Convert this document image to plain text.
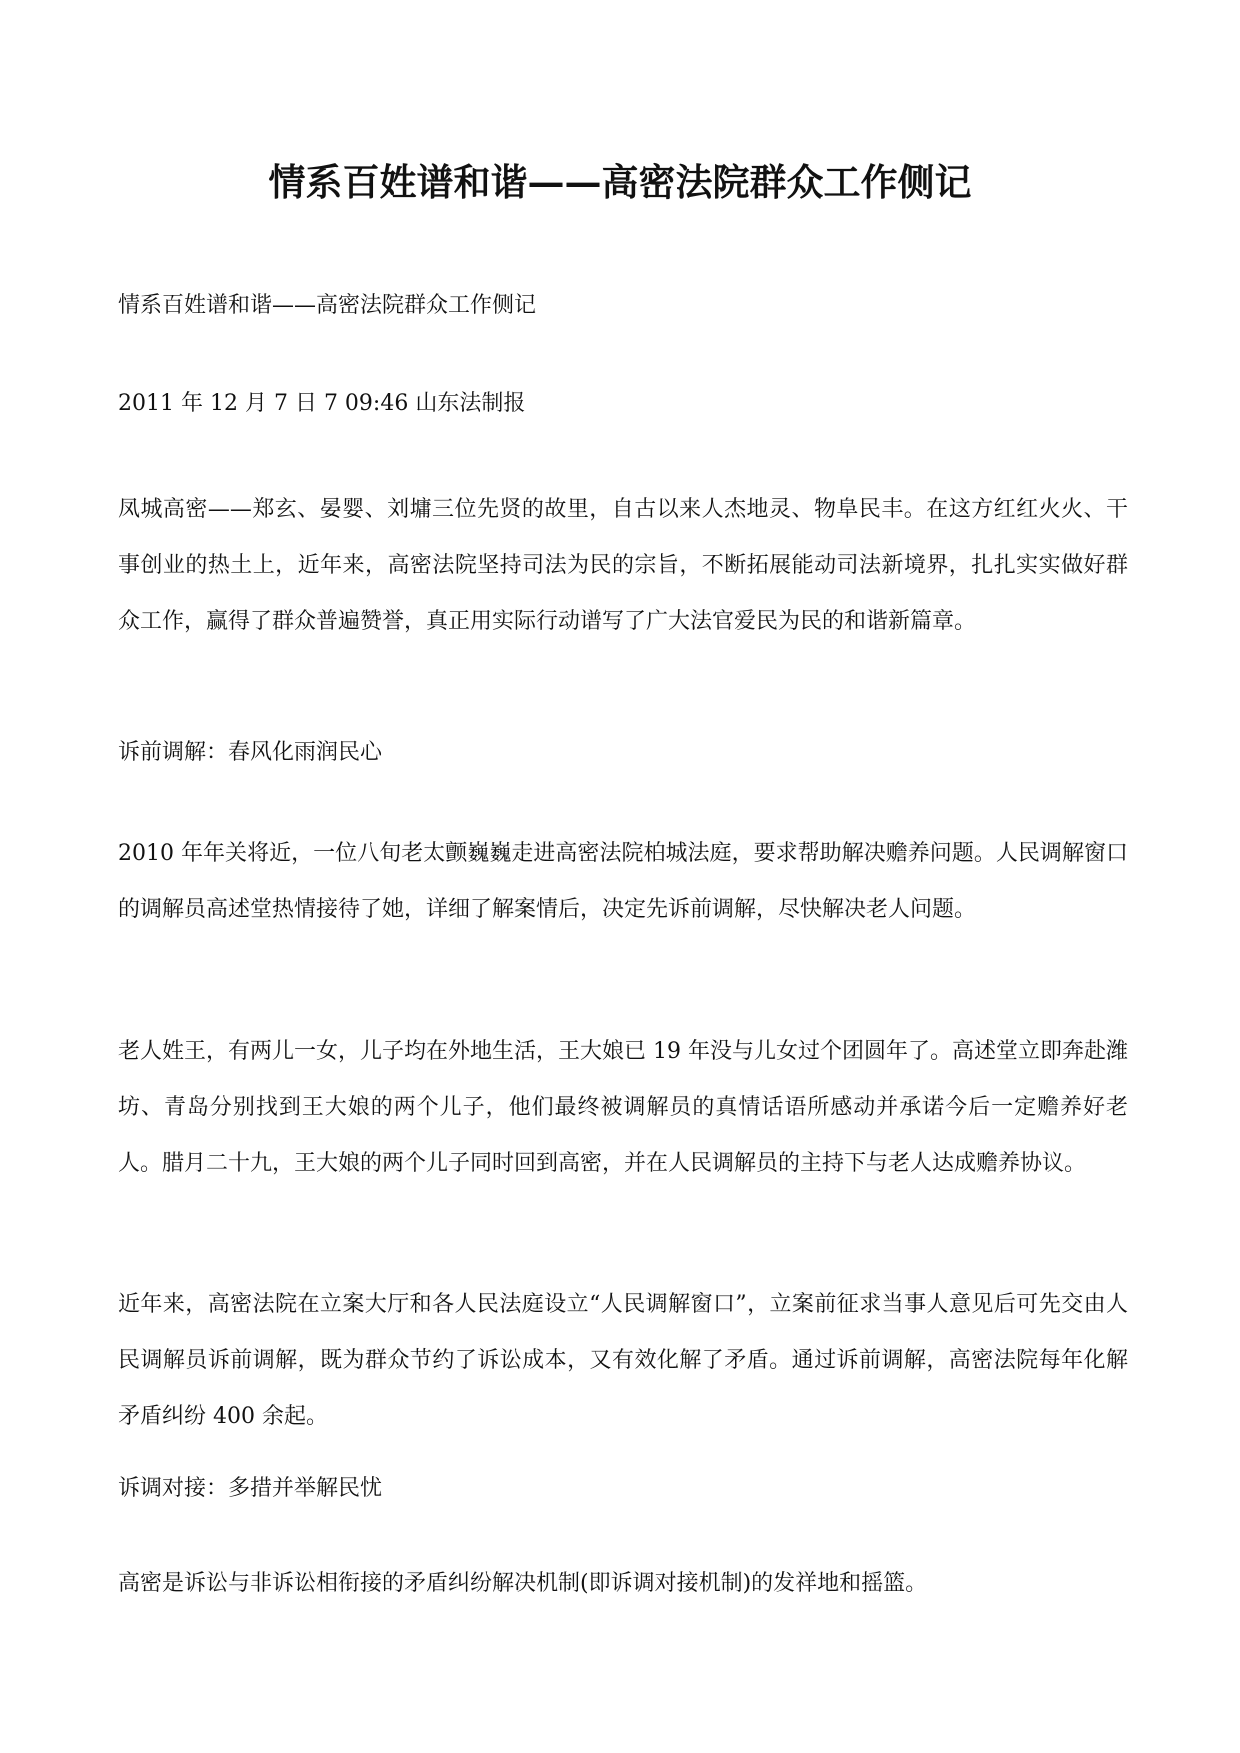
情系百姓谱和谐——高密法院群众工作侧记
情系百姓谱和谐——高密法院群众工作侧记
2011 年 12 月 7 日 7 09:46 山东法制报
凤城高密——郑玄、晏婴、刘墉三位先贤的故里，自古以来人杰地灵、物阜民丰。在这方红红火火、干事创业的热土上，近年来，高密法院坚持司法为民的宗旨，不断拓展能动司法新境界，扎扎实实做好群众工作，赢得了群众普遍赞誉，真正用实际行动谱写了广大法官爱民为民的和谐新篇章。
诉前调解：春风化雨润民心
2010 年年关将近，一位八旬老太颤巍巍走进高密法院柏城法庭，要求帮助解决赡养问题。人民调解窗口的调解员高述堂热情接待了她，详细了解案情后，决定先诉前调解，尽快解决老人问题。
老人姓王，有两儿一女，儿子均在外地生活，王大娘已 19 年没与儿女过个团圆年了。高述堂立即奔赴潍坊、青岛分别找到王大娘的两个儿子，他们最终被调解员的真情话语所感动并承诺今后一定赡养好老人。腊月二十九，王大娘的两个儿子同时回到高密，并在人民调解员的主持下与老人达成赡养协议。
近年来，高密法院在立案大厅和各人民法庭设立“人民调解窗口”，立案前征求当事人意见后可先交由人民调解员诉前调解，既为群众节约了诉讼成本，又有效化解了矛盾。通过诉前调解，高密法院每年化解矛盾纠纷 400 余起。
诉调对接：多措并举解民忧
高密是诉讼与非诉讼相衔接的矛盾纠纷解决机制(即诉调对接机制)的发祥地和摇篮。
